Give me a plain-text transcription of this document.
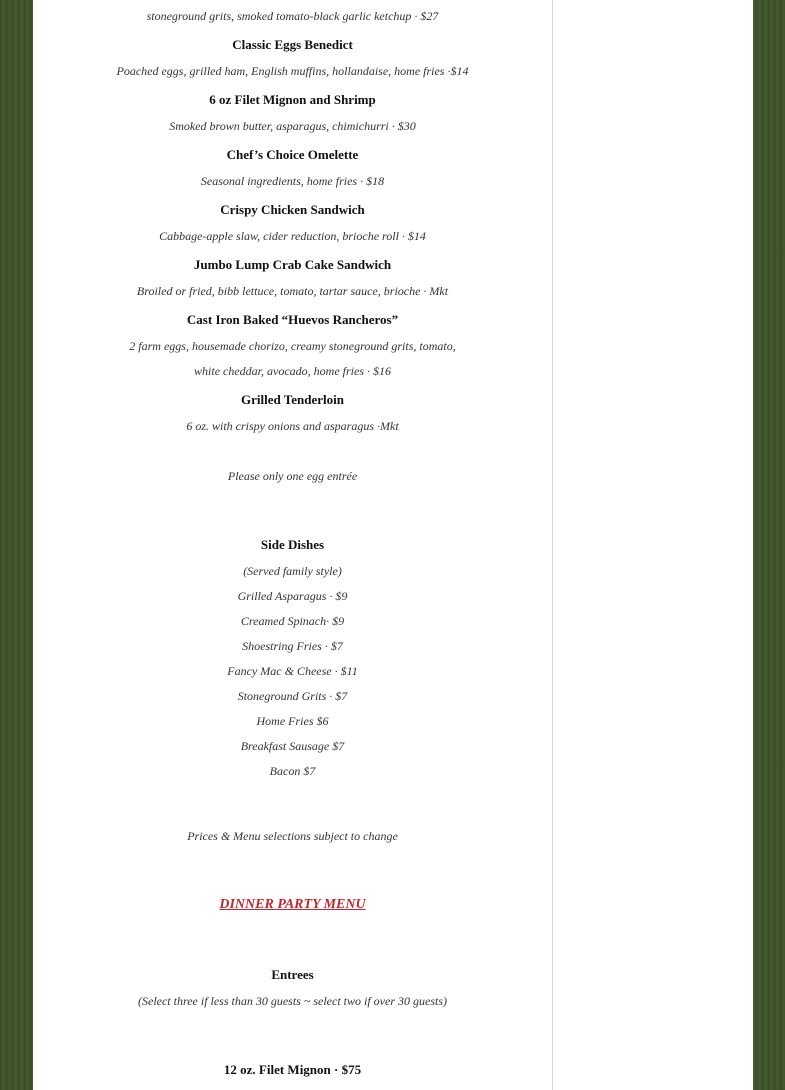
stoneground grits, smoked tomato-black garlic ketchup · $27
Classic Eggs Benedict
Poached eggs, grilled ham, English muffins, hollandaise, home fries ·$14
6 oz Filet Mignon and Shrimp
Smoked brown butter, asparagus, chimichurri · $30
Chef’s Choice Omelette
Seasonal ingredients, home fries · $18
Crispy Chicken Sandwich
Cabbage-apple slaw, cider reduction, brioche roll · $14
Jumbo Lump Crab Cake Sandwich
Broiled or fried, bibb lettuce, tomato, tartar sauce, brioche · Mkt
Cast Iron Baked “Huevos Rancheros”
2 farm eggs, housemade chorizo, creamy stoneground grits, tomato,
white cheddar, avocado, home fries · $16
Grilled Tenderloin
6 oz. with crispy onions and asparagus ·Mkt
Please only one egg entrée
Side Dishes
(Served family style)
Grilled Asparagus · $9
Creamed Spinach· $9
Shoestring Fries · $7
Fancy Mac & Cheese · $11
Stoneground Grits · $7
Home Fries $6
Breakfast Sausage $7
Bacon $7
Prices & Menu selections subject to change
DINNER PARTY MENU
Entrees
(Select three if less than 30 guests ~ select two if over 30 guests)
12 oz. Filet Mignon · $75
